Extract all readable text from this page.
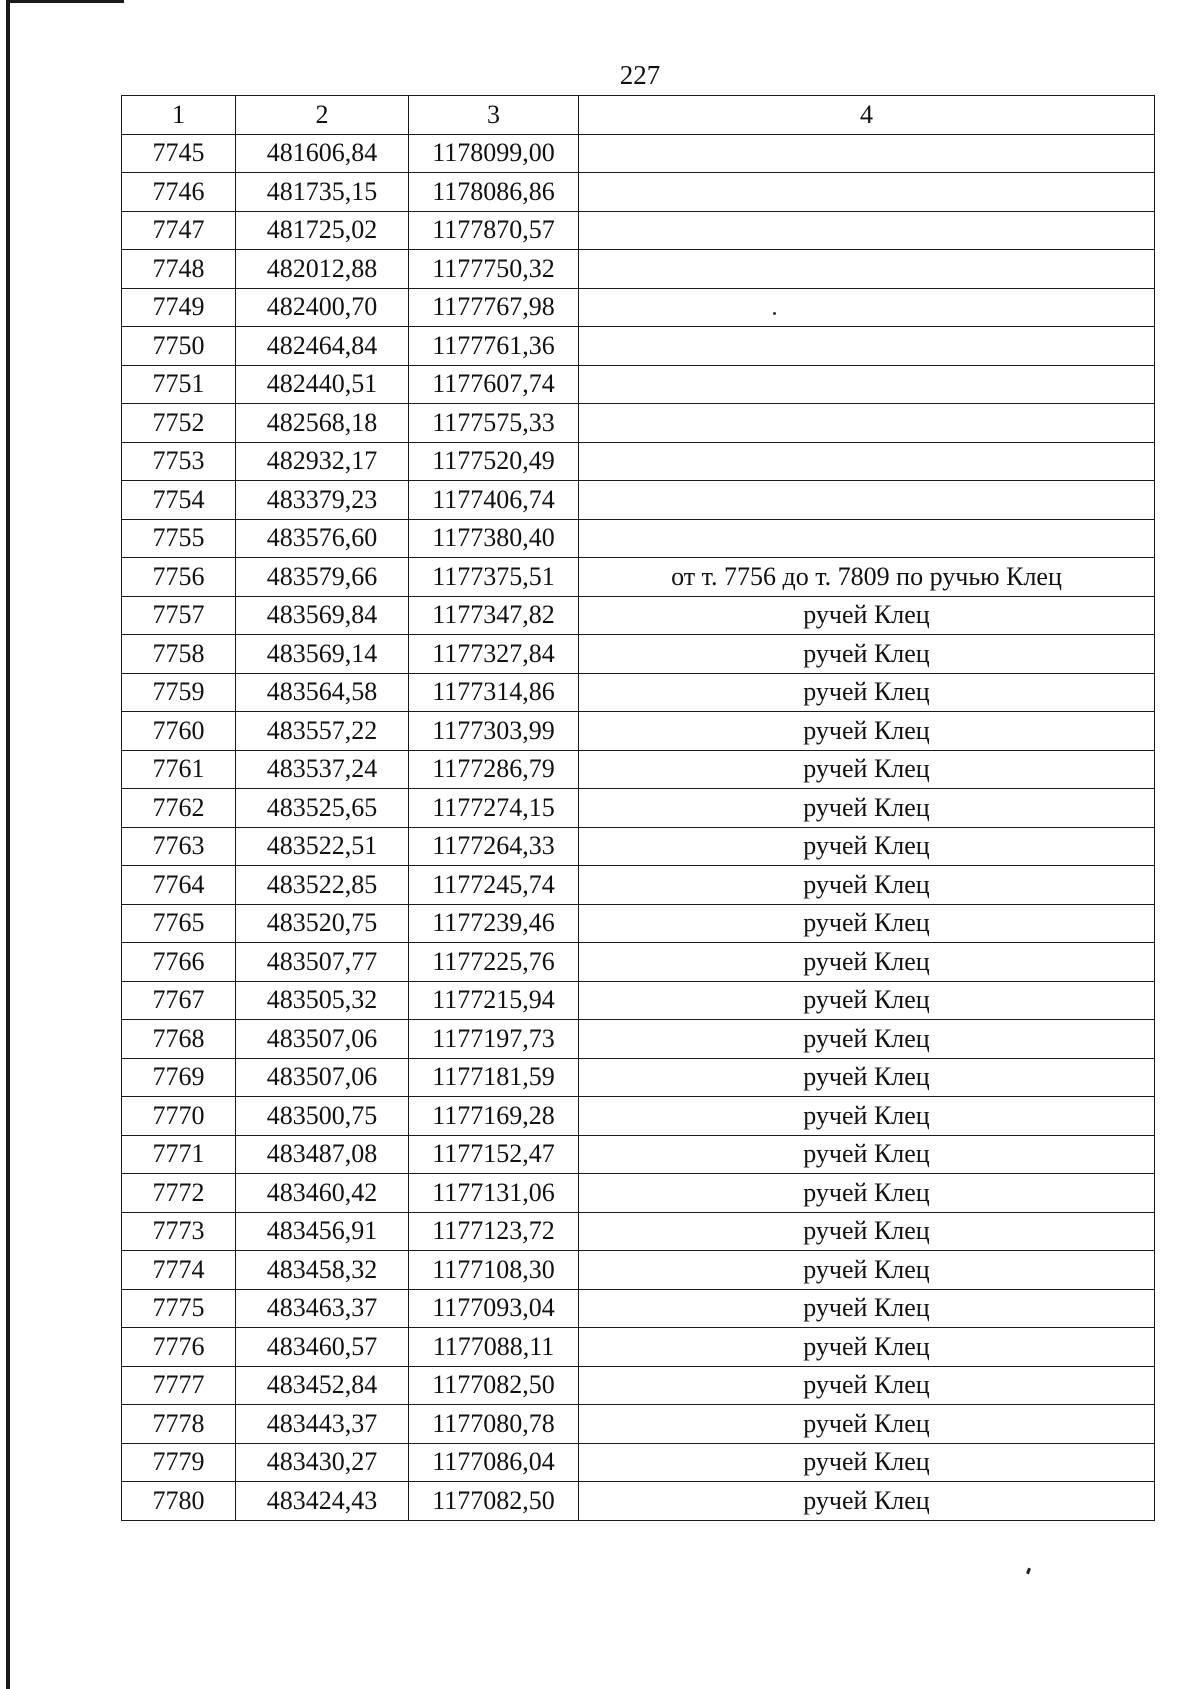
227
1	2	3	4
7745	481606,84	1178099,00	
7746	481735,15	1178086,86	
7747	481725,02	1177870,57	
7748	482012,88	1177750,32	
7749	482400,70	1177767,98	
7750	482464,84	1177761,36	
7751	482440,51	1177607,74	
7752	482568,18	1177575,33	
7753	482932,17	1177520,49	
7754	483379,23	1177406,74	
7755	483576,60	1177380,40	
7756	483579,66	1177375,51	от т. 7756 до т. 7809 по ручью Клец
7757	483569,84	1177347,82	ручей Клец
7758	483569,14	1177327,84	ручей Клец
7759	483564,58	1177314,86	ручей Клец
7760	483557,22	1177303,99	ручей Клец
7761	483537,24	1177286,79	ручей Клец
7762	483525,65	1177274,15	ручей Клец
7763	483522,51	1177264,33	ручей Клец
7764	483522,85	1177245,74	ручей Клец
7765	483520,75	1177239,46	ручей Клец
7766	483507,77	1177225,76	ручей Клец
7767	483505,32	1177215,94	ручей Клец
7768	483507,06	1177197,73	ручей Клец
7769	483507,06	1177181,59	ручей Клец
7770	483500,75	1177169,28	ручей Клец
7771	483487,08	1177152,47	ручей Клец
7772	483460,42	1177131,06	ручей Клец
7773	483456,91	1177123,72	ручей Клец
7774	483458,32	1177108,30	ручей Клец
7775	483463,37	1177093,04	ручей Клец
7776	483460,57	1177088,11	ручей Клец
7777	483452,84	1177082,50	ручей Клец
7778	483443,37	1177080,78	ручей Клец
7779	483430,27	1177086,04	ручей Клец
7780	483424,43	1177082,50	ручей Клец
